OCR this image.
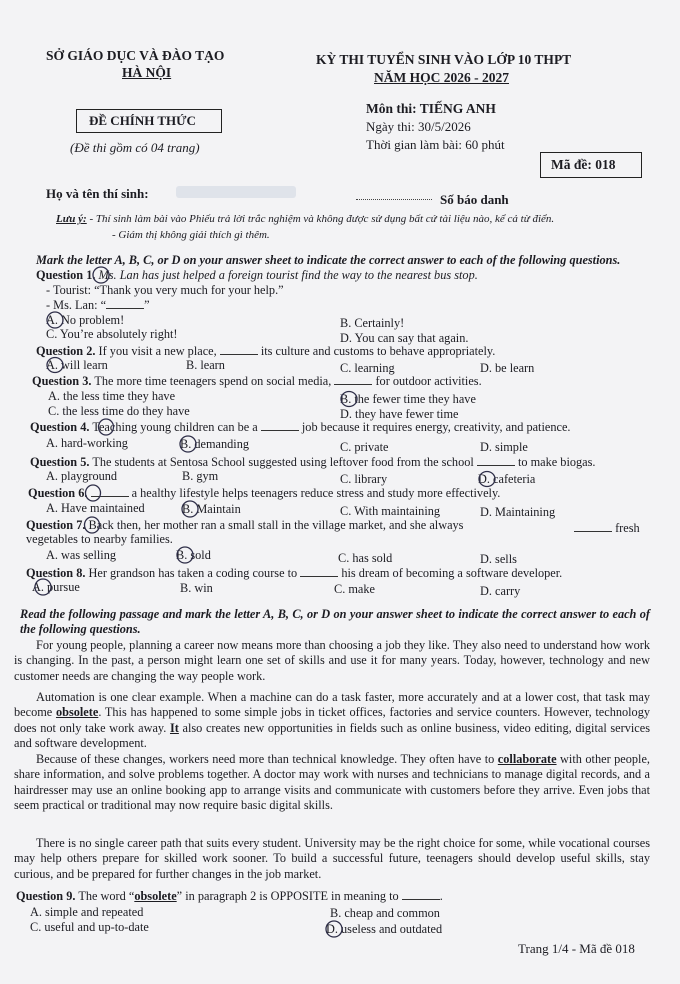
SỞ GIÁO DỤC VÀ ĐÀO TẠO
HÀ NỘI
KỲ THI TUYỂN SINH VÀO LỚP 10 THPT
NĂM HỌC 2026 - 2027
ĐỀ CHÍNH THỨC
(Đề thi gồm có 04 trang)
Môn thi: TIẾNG ANH
Ngày thi: 30/5/2026
Thời gian làm bài: 60 phút
Mã đề: 018
Họ và tên thí sinh:	Số báo danh
Lưu ý: - Thí sinh làm bài vào Phiếu trả lời trắc nghiệm và không được sử dụng bất cứ tài liệu nào, kể cả từ điển.
- Giám thị không giải thích gì thêm.
Mark the letter A, B, C, or D on your answer sheet to indicate the correct answer to each of the following questions.
Question 1. Ms. Lan has just helped a foreign tourist find the way to the nearest bus stop.
- Tourist: “Thank you very much for your help.”
- Ms. Lan: “	”
A. No problem!	B. Certainly!
C. You’re absolutely right!	D. You can say that again.
Question 2. If you visit a new place,	its culture and customs to behave appropriately.
A. will learn	B. learn	C. learning	D. be learn
Question 3. The more time teenagers spend on social media,	for outdoor activities.
A. the less time they have	B. the fewer time they have
C. the less time do they have	D. they have fewer time
Question 4. Teaching young children can be a	job because it requires energy, creativity, and patience.
A. hard-working	B. demanding	C. private	D. simple
Question 5. The students at Sentosa School suggested using leftover food from the school	to make biogas.
A. playground	B. gym	C. library	D. cafeteria
Question 6.	a healthy lifestyle helps teenagers reduce stress and study more effectively.
A. Have maintained	B. Maintain	C. With maintaining	D. Maintaining
Question 7. Back then, her mother ran a small stall in the village market, and she always	fresh
vegetables to nearby families.
A. was selling	B. sold	C. has sold	D. sells
Question 8. Her grandson has taken a coding course to	his dream of becoming a software developer.
A. pursue	B. win	C. make	D. carry
Read the following passage and mark the letter A, B, C, or D on your answer sheet to indicate the correct answer to each of the following questions.
For young people, planning a career now means more than choosing a job they like. They also need to understand how work is changing. In the past, a person might learn one set of skills and use it for many years. Today, however, technology and new customer needs are changing the way people work.
Automation is one clear example. When a machine can do a task faster, more accurately and at a lower cost, that task may become obsolete. This has happened to some simple jobs in ticket offices, factories and service counters. However, technology does not only take work away. It also creates new opportunities in fields such as online business, video editing, digital services and software development.
Because of these changes, workers need more than technical knowledge. They often have to collaborate with other people, share information, and solve problems together. A doctor may work with nurses and technicians to manage digital records, and a hairdresser may use an online booking app to arrange visits and communicate with customers before they arrive. Even jobs that seem practical or traditional may now require basic digital skills.
There is no single career path that suits every student. University may be the right choice for some, while vocational courses may help others prepare for skilled work sooner. To build a successful future, teenagers should develop useful skills, stay curious, and be prepared for further changes in the job market.
Question 9. The word “obsolete” in paragraph 2 is OPPOSITE in meaning to	.
A. simple and repeated	B. cheap and common
C. useful and up-to-date	D. useless and outdated
Trang 1/4 - Mã đề 018
